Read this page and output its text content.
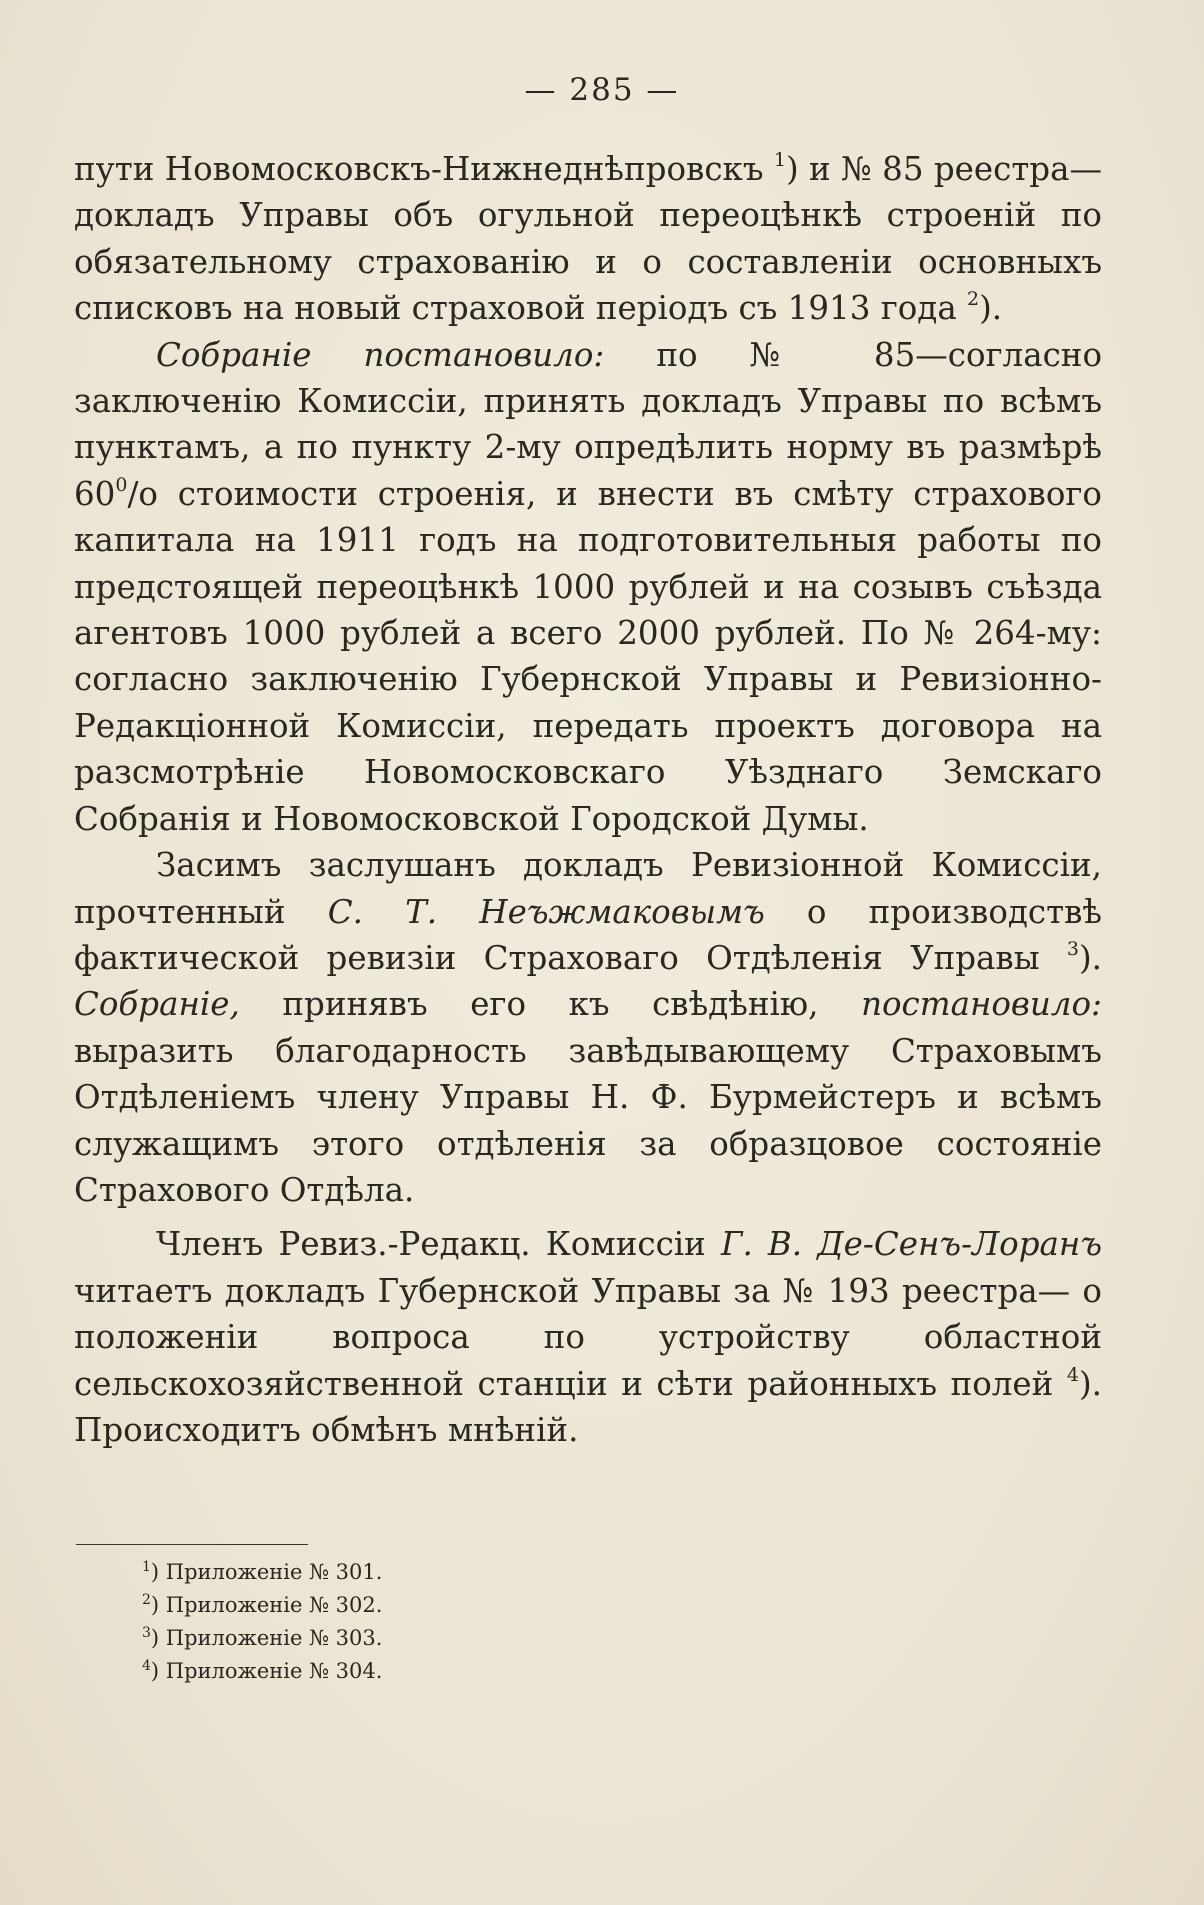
— 285 —

пути Новомосковскъ-Нижнеднѣпровскъ $^1$) и № 85 реестра—докладъ Управы объ огульной переоцѣнкѣ строеній по обязательному страхованію и о составленіи основныхъ списковъ на новый страховой періодъ съ 1913 года $^2$).

Собраніе постановило: по № 85—согласно заключенію Комиссіи, принять докладъ Управы по всѣмъ пунктамъ, а по пункту 2-му опредѣлить норму въ размѣрѣ $60^0/о$ стоимости строенія, и внести въ смѣту страхового капитала на 1911 годъ на подготовительныя работы по предстоящей переоцѣнкѣ 1000 рублей и на созывъ съѣзда агентовъ 1000 рублей а всего 2000 рублей. По № 264-му: согласно заключенію Губернской Управы и Ревизіонно-Редакціонной Комиссіи, передать проектъ договора на разсмотрѣніе Новомосковскаго Уѣзднаго Земскаго Собранія и Новомосковской Городской Думы.

Засимъ заслушанъ докладъ Ревизіонной Комиссіи, прочтенный С. Т. Неъжмаковымъ о производствѣ фактической ревизіи Страховаго Отдѣленія Управы $^3$). Собраніе, принявъ его къ свѣдѣнію, постановило: выразить благодарность завѣдывающему Страховымъ Отдѣленіемъ члену Управы Н. Ф. Бурмейстеръ и всѣмъ служащимъ этого отдѣленія за образцовое состояніе Страхового Отдѣла.

Членъ Ревиз.-Редакц. Комиссіи Г. В. Де-Сенъ-Лоранъ читаетъ докладъ Губернской Управы за № 193 реестра— о положеніи вопроса по устройству областной сельскохозяйственной станціи и сѣти районныхъ полей $^4$). Происходитъ обмѣнъ мнѣній.

$^1$) Приложеніе № 301.
$^2$) Приложеніе № 302.
$^3$) Приложеніе № 303.
$^4$) Приложеніе № 304.
